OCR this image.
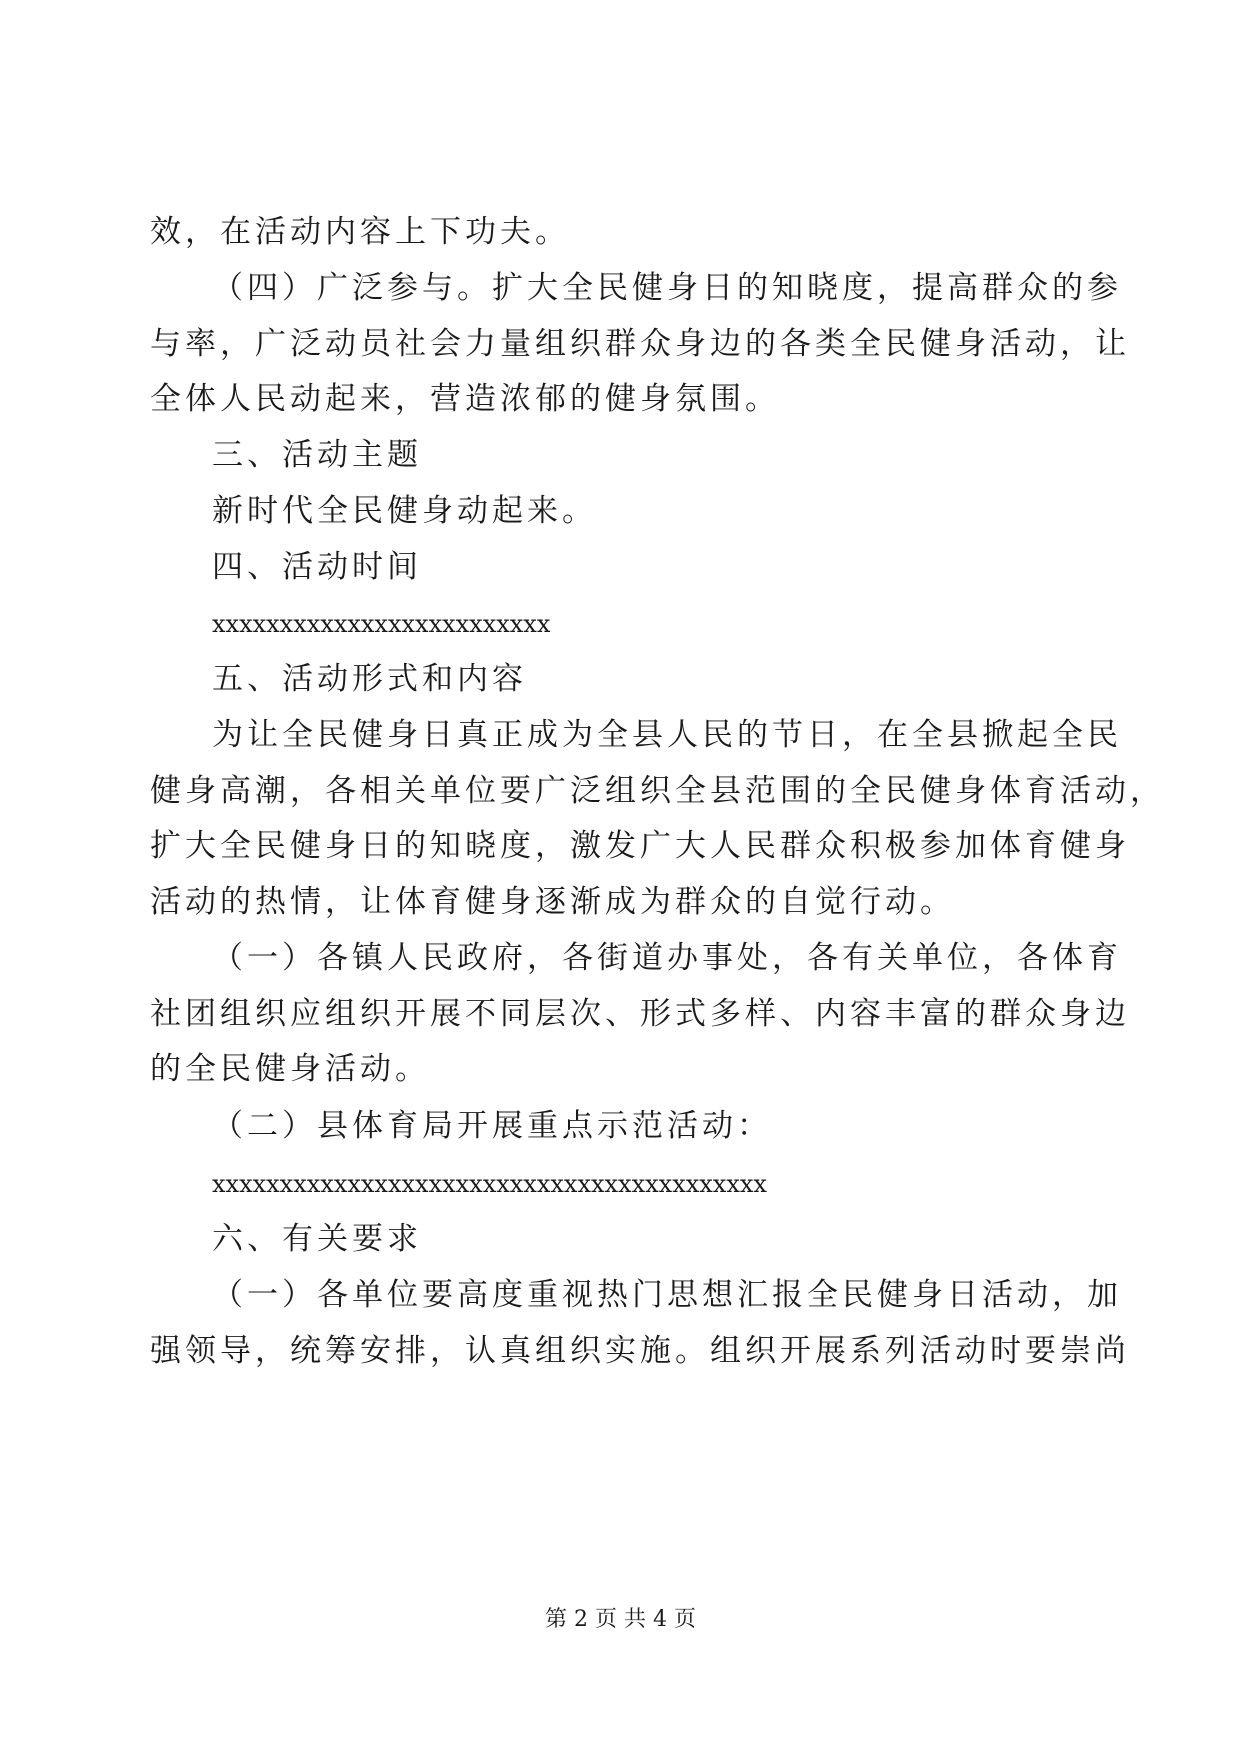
效，在活动内容上下功夫。
（四）广泛参与。扩大全民健身日的知晓度，提高群众的参
与率，广泛动员社会力量组织群众身边的各类全民健身活动，让
全体人民动起来，营造浓郁的健身氛围。
三、活动主题
新时代全民健身动起来。
四、活动时间
xxxxxxxxxxxxxxxxxxxxxxxxx
五、活动形式和内容
为让全民健身日真正成为全县人民的节日，在全县掀起全民
健身高潮，各相关单位要广泛组织全县范围的全民健身体育活动，
扩大全民健身日的知晓度，激发广大人民群众积极参加体育健身
活动的热情，让体育健身逐渐成为群众的自觉行动。
（一）各镇人民政府，各街道办事处，各有关单位，各体育
社团组织应组织开展不同层次、形式多样、内容丰富的群众身边
的全民健身活动。
（二）县体育局开展重点示范活动：
xxxxxxxxxxxxxxxxxxxxxxxxxxxxxxxxxxxxxxxxx
六、有关要求
（一）各单位要高度重视热门思想汇报全民健身日活动，加
强领导，统筹安排，认真组织实施。组织开展系列活动时要崇尚
第 2 页 共 4 页
